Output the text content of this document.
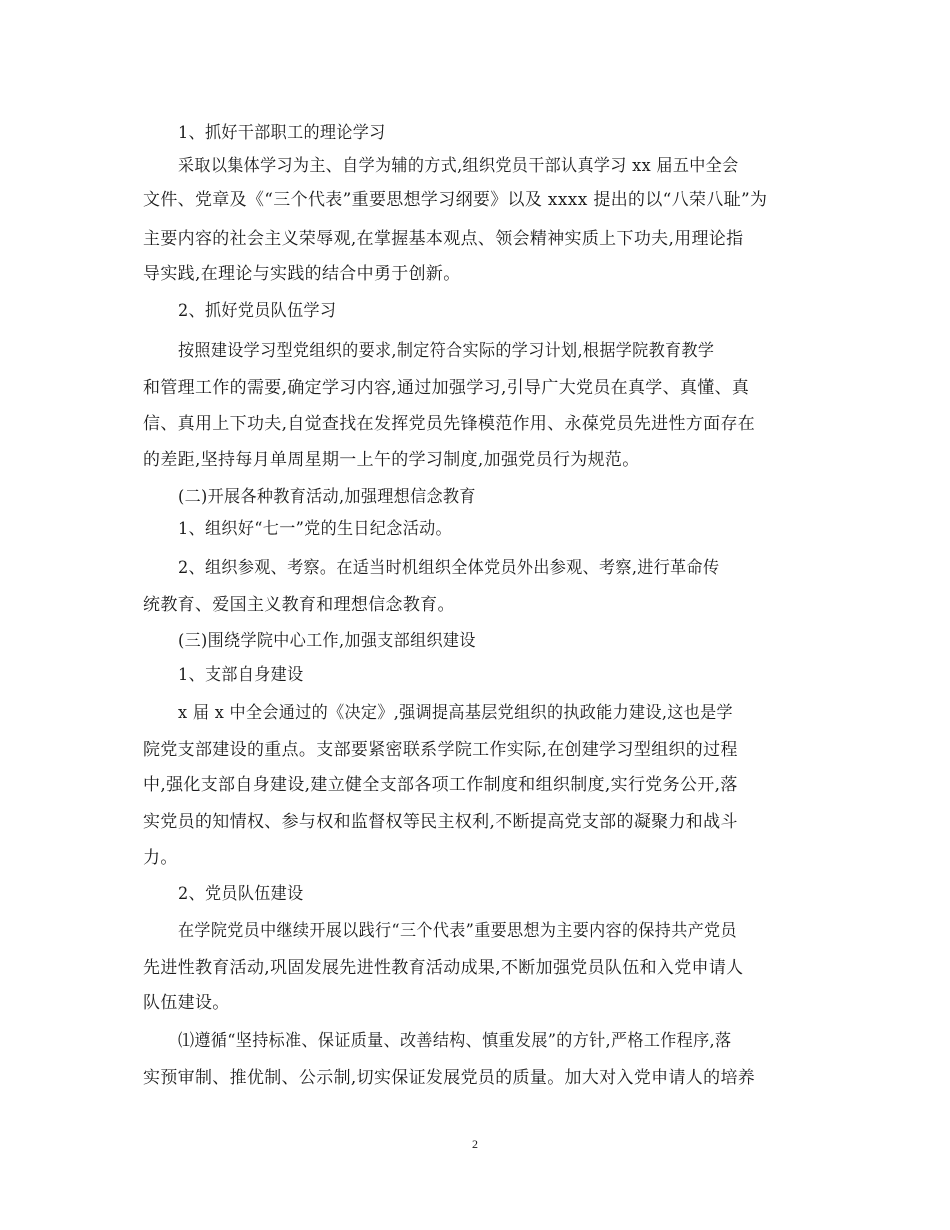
1、抓好干部职工的理论学习
采取以集体学习为主、自学为辅的方式,组织党员干部认真学习 xx 届五中全会
文件、党章及《“三个代表”重要思想学习纲要》以及 xxxx 提出的以“八荣八耻”为
主要内容的社会主义荣辱观,在掌握基本观点、领会精神实质上下功夫,用理论指
导实践,在理论与实践的结合中勇于创新。
2、抓好党员队伍学习
按照建设学习型党组织的要求,制定符合实际的学习计划,根据学院教育教学
和管理工作的需要,确定学习内容,通过加强学习,引导广大党员在真学、真懂、真
信、真用上下功夫,自觉查找在发挥党员先锋模范作用、永葆党员先进性方面存在
的差距,坚持每月单周星期一上午的学习制度,加强党员行为规范。
(二)开展各种教育活动,加强理想信念教育
1、组织好“七一”党的生日纪念活动。
2、组织参观、考察。在适当时机组织全体党员外出参观、考察,进行革命传
统教育、爱国主义教育和理想信念教育。
(三)围绕学院中心工作,加强支部组织建设
1、支部自身建设
x 届 x 中全会通过的《决定》,强调提高基层党组织的执政能力建设,这也是学
院党支部建设的重点。支部要紧密联系学院工作实际,在创建学习型组织的过程
中,强化支部自身建设,建立健全支部各项工作制度和组织制度,实行党务公开,落
实党员的知情权、参与权和监督权等民主权利,不断提高党支部的凝聚力和战斗
力。
2、党员队伍建设
在学院党员中继续开展以践行“三个代表”重要思想为主要内容的保持共产党员
先进性教育活动,巩固发展先进性教育活动成果,不断加强党员队伍和入党申请人
队伍建设。
⑴遵循“坚持标准、保证质量、改善结构、慎重发展”的方针,严格工作程序,落
实预审制、推优制、公示制,切实保证发展党员的质量。加大对入党申请人的培养
2
